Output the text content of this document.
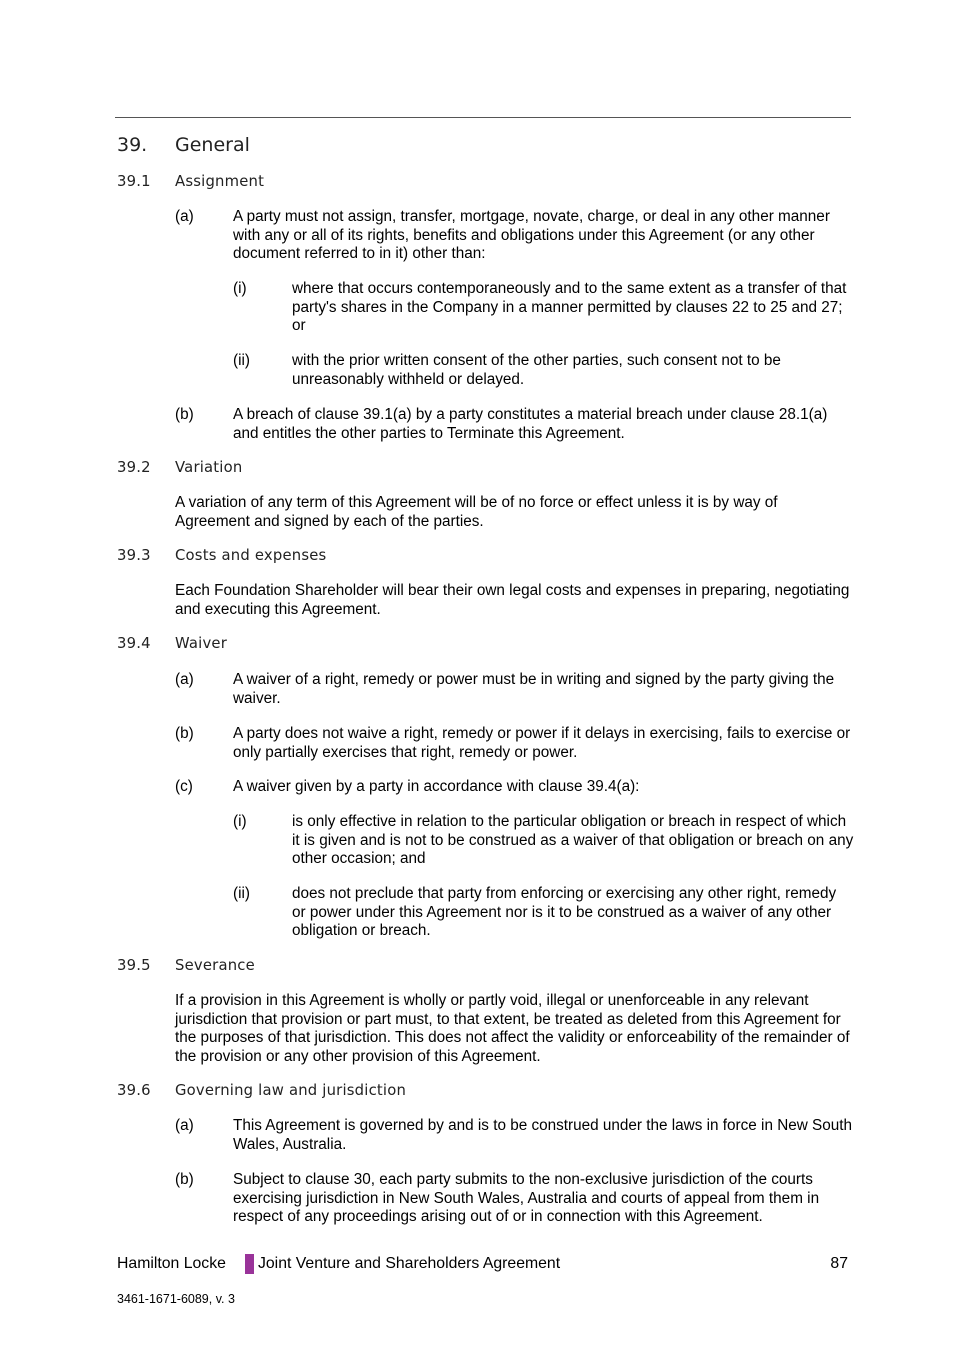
39. General
39.1 Assignment
(a)	A party must not assign, transfer, mortgage, novate, charge, or deal in any other manner with any or all of its rights, benefits and obligations under this Agreement (or any other document referred to in it) other than:
(i)	where that occurs contemporaneously and to the same extent as a transfer of that party's shares in the Company in a manner permitted by clauses 22 to 25 and 27; or
(ii)	with the prior written consent of the other parties, such consent not to be unreasonably withheld or delayed.
(b)	A breach of clause 39.1(a) by a party constitutes a material breach under clause 28.1(a) and entitles the other parties to Terminate this Agreement.
39.2 Variation
A variation of any term of this Agreement will be of no force or effect unless it is by way of Agreement and signed by each of the parties.
39.3 Costs and expenses
Each Foundation Shareholder will bear their own legal costs and expenses in preparing, negotiating and executing this Agreement.
39.4 Waiver
(a)	A waiver of a right, remedy or power must be in writing and signed by the party giving the waiver.
(b)	A party does not waive a right, remedy or power if it delays in exercising, fails to exercise or only partially exercises that right, remedy or power.
(c)	A waiver given by a party in accordance with clause 39.4(a):
(i)	is only effective in relation to the particular obligation or breach in respect of which it is given and is not to be construed as a waiver of that obligation or breach on any other occasion; and
(ii)	does not preclude that party from enforcing or exercising any other right, remedy or power under this Agreement nor is it to be construed as a waiver of any other obligation or breach.
39.5 Severance
If a provision in this Agreement is wholly or partly void, illegal or unenforceable in any relevant jurisdiction that provision or part must, to that extent, be treated as deleted from this Agreement for the purposes of that jurisdiction. This does not affect the validity or enforceability of the remainder of the provision or any other provision of this Agreement.
39.6 Governing law and jurisdiction
(a)	This Agreement is governed by and is to be construed under the laws in force in New South Wales, Australia.
(b)	Subject to clause 30, each party submits to the non-exclusive jurisdiction of the courts exercising jurisdiction in New South Wales, Australia and courts of appeal from them in respect of any proceedings arising out of or in connection with this Agreement.
Hamilton Locke Joint Venture and Shareholders Agreement	87
3461-1671-6089, v. 3
